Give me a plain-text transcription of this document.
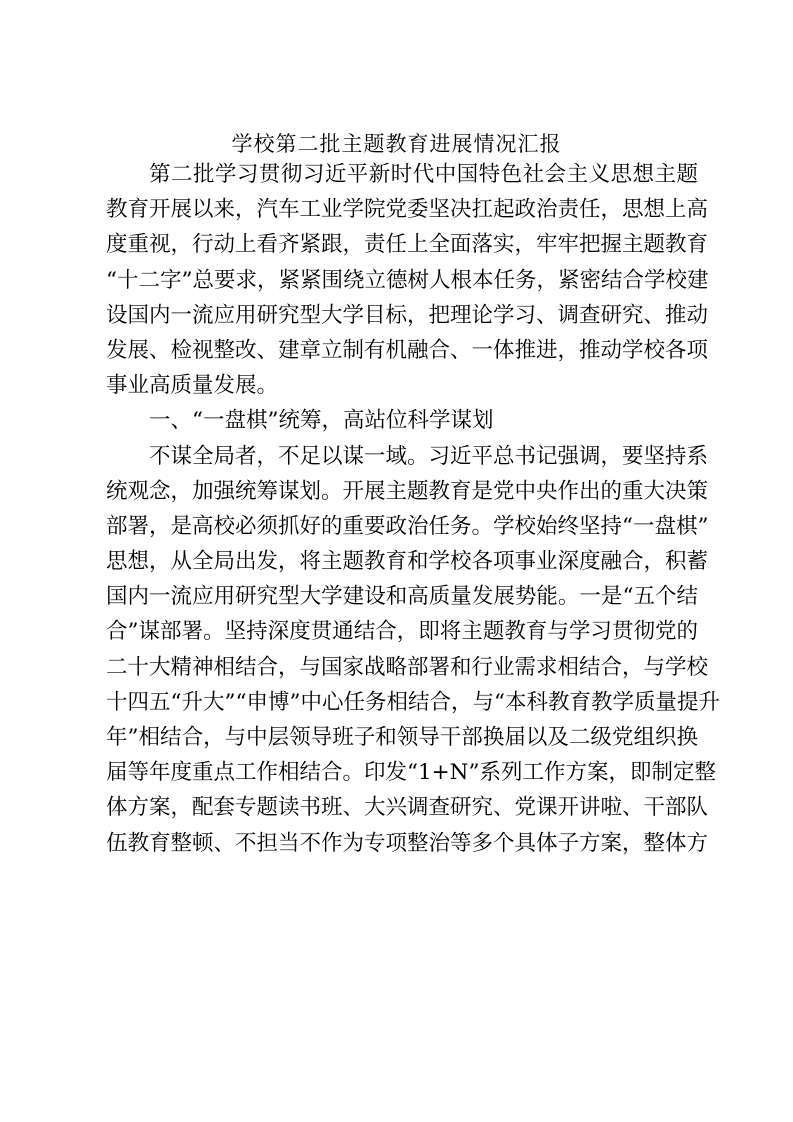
学校第二批主题教育进展情况汇报
第二批学习贯彻习近平新时代中国特色社会主义思想主题
教育开展以来，汽车工业学院党委坚决扛起政治责任，思想上高
度重视，行动上看齐紧跟，责任上全面落实，牢牢把握主题教育
“十二字”总要求，紧紧围绕立德树人根本任务，紧密结合学校建
设国内一流应用研究型大学目标，把理论学习、调查研究、推动
发展、检视整改、建章立制有机融合、一体推进，推动学校各项
事业高质量发展。
一、“一盘棋”统筹，高站位科学谋划
不谋全局者，不足以谋一域。习近平总书记强调，要坚持系
统观念，加强统筹谋划。开展主题教育是党中央作出的重大决策
部署，是高校必须抓好的重要政治任务。学校始终坚持“一盘棋”
思想，从全局出发，将主题教育和学校各项事业深度融合，积蓄
国内一流应用研究型大学建设和高质量发展势能。一是“五个结
合”谋部署。坚持深度贯通结合，即将主题教育与学习贯彻党的
二十大精神相结合，与国家战略部署和行业需求相结合，与学校
十四五“升大”“申博”中心任务相结合，与“本科教育教学质量提升
年”相结合，与中层领导班子和领导干部换届以及二级党组织换
届等年度重点工作相结合。印发“1+N”系列工作方案，即制定整
体方案，配套专题读书班、大兴调查研究、党课开讲啦、干部队
伍教育整顿、不担当不作为专项整治等多个具体子方案，整体方
